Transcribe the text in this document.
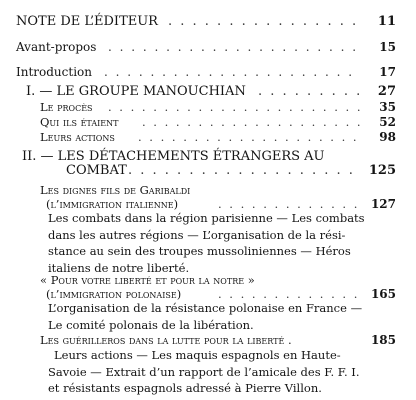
NOTE DE L’ÉDITEUR . . .	11
Avant-propos . . .	15
Introduction . . .	17
I. — LE GROUPE MANOUCHIAN . . .	27
Le procès . . .	35
Qui ils étaient . . .	52
Leurs actions . . .	98
II. — LES DÉTACHEMENTS ÉTRANGERS AU
COMBAT . . .	125
Les dignes fils de Garibaldi
(l’immigration italienne) . . .	127
Les combats dans la région parisienne — Les combats
dans les autres régions — L’organisation de la rési-
stance au sein des troupes mussoliniennes — Héros
italiens de notre liberté.
« Pour votre liberté et pour la notre »
(l’immigration polonaise) . . .	165
L’organisation de la résistance polonaise en France —
Le comité polonais de la libération.
Les guérilleros dans la lutte pour la liberté .	185
Leurs actions — Les maquis espagnols en Haute-
Savoie — Extrait d’un rapport de l’amicale des F. F. I.
et résistants espagnols adressé à Pierre Villon.
